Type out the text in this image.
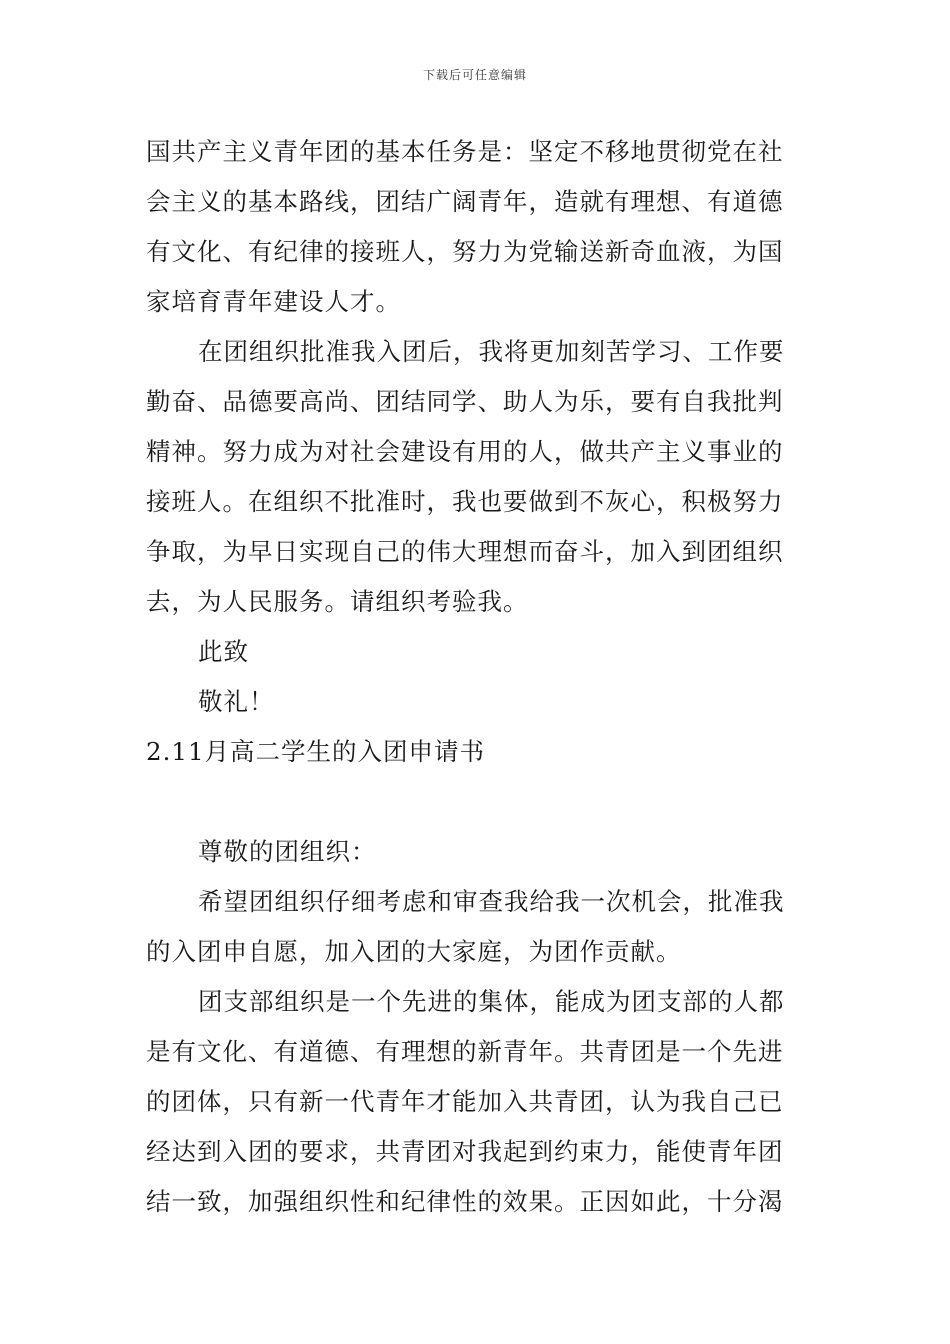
下载后可任意编辑
国共产主义青年团的基本任务是：坚定不移地贯彻党在社
会主义的基本路线，团结广阔青年，造就有理想、有道德
有文化、有纪律的接班人，努力为党输送新奇血液，为国
家培育青年建设人才。
在团组织批准我入团后，我将更加刻苦学习、工作要
勤奋、品德要高尚、团结同学、助人为乐，要有自我批判
精神。努力成为对社会建设有用的人，做共产主义事业的
接班人。在组织不批准时，我也要做到不灰心，积极努力
争取，为早日实现自己的伟大理想而奋斗，加入到团组织
去，为人民服务。请组织考验我。
此致
敬礼！
2.11月高二学生的入团申请书
尊敬的团组织：
希望团组织仔细考虑和审查我给我一次机会，批准我
的入团申自愿，加入团的大家庭，为团作贡献。
团支部组织是一个先进的集体，能成为团支部的人都
是有文化、有道德、有理想的新青年。共青团是一个先进
的团体，只有新一代青年才能加入共青团，认为我自己已
经达到入团的要求，共青团对我起到约束力，能使青年团
结一致，加强组织性和纪律性的效果。正因如此，十分渴
